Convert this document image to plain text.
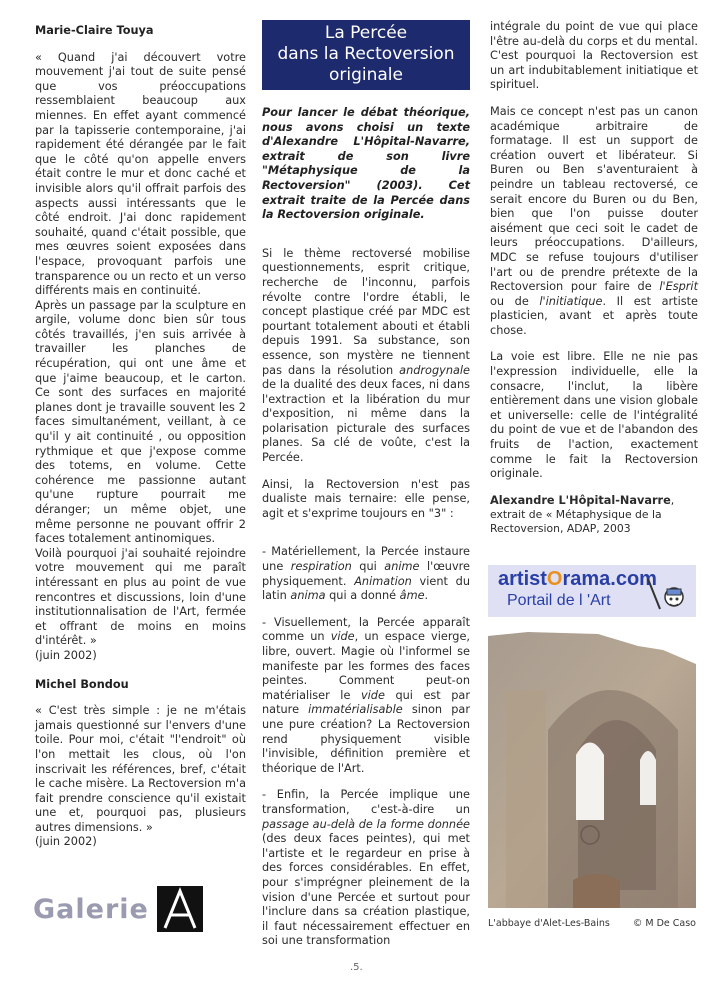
Marie-Claire Touya

« Quand j'ai découvert votre mouvement j'ai tout de suite pensé que vos préoccupations ressemblaient beaucoup aux miennes. En effet ayant commencé par la tapisserie contemporaine, j'ai rapidement été dérangée par le fait que le côté qu'on appelle envers était contre le mur et donc caché et invisible alors qu'il offrait parfois des aspects aussi intéressants que le côté endroit. J'ai donc rapidement souhaité, quand c'était possible, que mes œuvres soient exposées dans l'espace, provoquant parfois une transparence ou un recto et un verso différents mais en continuité.

Après un passage par la sculpture en argile, volume donc bien sûr tous côtés travaillés, j'en suis arrivée à travailler les planches de récupération, qui ont une âme et que j'aime beaucoup, et le carton. Ce sont des surfaces en majorité planes dont je travaille souvent les 2 faces simultanément, veillant, à ce qu'il y ait continuité , ou opposition rythmique et que j'expose comme des totems, en volume. Cette cohérence me passionne autant qu'une rupture pourrait me déranger; un même objet, une même personne ne pouvant offrir 2 faces totalement antinomiques.

Voilà pourquoi j'ai souhaité rejoindre votre mouvement qui me paraît intéressant en plus au point de vue rencontres et discussions, loin d'une institutionnalisation de l'Art, fermée et offrant de moins en moins d'intérêt. »

(juin 2002)

Michel Bondou

« C'est très simple : je ne m'étais jamais questionné sur l'envers d'une toile. Pour moi, c'était "l'endroit" où l'on mettait les clous, où l'on inscrivait les références, bref, c'était le cache misère. La Rectoversion m'a fait prendre conscience qu'il existait une et, pourquoi pas, plusieurs autres dimensions. »

(juin 2002)

Galerie
La Percée
dans la Rectoversion
originale

Pour lancer le débat théorique, nous avons choisi un texte d'Alexandre L'Hôpital-Navarre, extrait de son livre "Métaphysique de la Rectoversion" (2003). Cet extrait traite de la Percée dans la Rectoversion originale.

Si le thème rectoversé mobilise questionnements, esprit critique, recherche de l'inconnu, parfois révolte contre l'ordre établi, le concept plastique créé par MDC est pourtant totalement abouti et établi depuis 1991. Sa substance, son essence, son mystère ne tiennent pas dans la résolution androgynale de la dualité des deux faces, ni dans l'extraction et la libération du mur d'exposition, ni même dans la polarisation picturale des surfaces planes. Sa clé de voûte, c'est la Percée.

Ainsi, la Rectoversion n'est pas dualiste mais ternaire: elle pense, agit et s'exprime toujours en "3" :

- Matériellement, la Percée instaure une respiration qui anime l'œuvre physiquement. Animation vient du latin anima qui a donné âme.

- Visuellement, la Percée apparaît comme un vide, un espace vierge, libre, ouvert. Magie où l'informel se manifeste par les formes des faces peintes. Comment peut-on matérialiser le vide qui est par nature immatérialisable sinon par une pure création? La Rectoversion rend physiquement visible l'invisible, définition première et théorique de l'Art.

- Enfin, la Percée implique une transformation, c'est-à-dire un passage au-delà de la forme donnée (des deux faces peintes), qui met l'artiste et le regardeur en prise à des forces considérables. En effet, pour s'imprégner pleinement de la vision d'une Percée et surtout pour l'inclure dans sa création plastique, il faut nécessairement effectuer en soi une transformation

intégrale du point de vue qui place l'être au-delà du corps et du mental. C'est pourquoi la Rectoversion est un art indubitablement initiatique et spirituel.

Mais ce concept n'est pas un canon académique arbitraire de formatage. Il est un support de création ouvert et libérateur. Si Buren ou Ben s'aventuraient à peindre un tableau rectoversé, ce serait encore du Buren ou du Ben, bien que l'on puisse douter aisément que ceci soit le cadet de leurs préoccupations. D'ailleurs, MDC se refuse toujours d'utiliser l'art ou de prendre prétexte de la Rectoversion pour faire de l'Esprit ou de l'initiatique. Il est artiste plasticien, avant et après toute chose.

La voie est libre. Elle ne nie pas l'expression individuelle, elle la consacre, l'inclut, la libère entièrement dans une vision globale et universelle: celle de l'intégralité du point de vue et de l'abandon des fruits de l'action, exactement comme le fait la Rectoversion originale.

Alexandre L'Hôpital-Navarre, extrait de « Métaphysique de la Rectoversion, ADAP, 2003

artistOrama.com
Portail de l 'Art
L'abbaye d'Alet-Les-Bains © M De Caso
.5.
